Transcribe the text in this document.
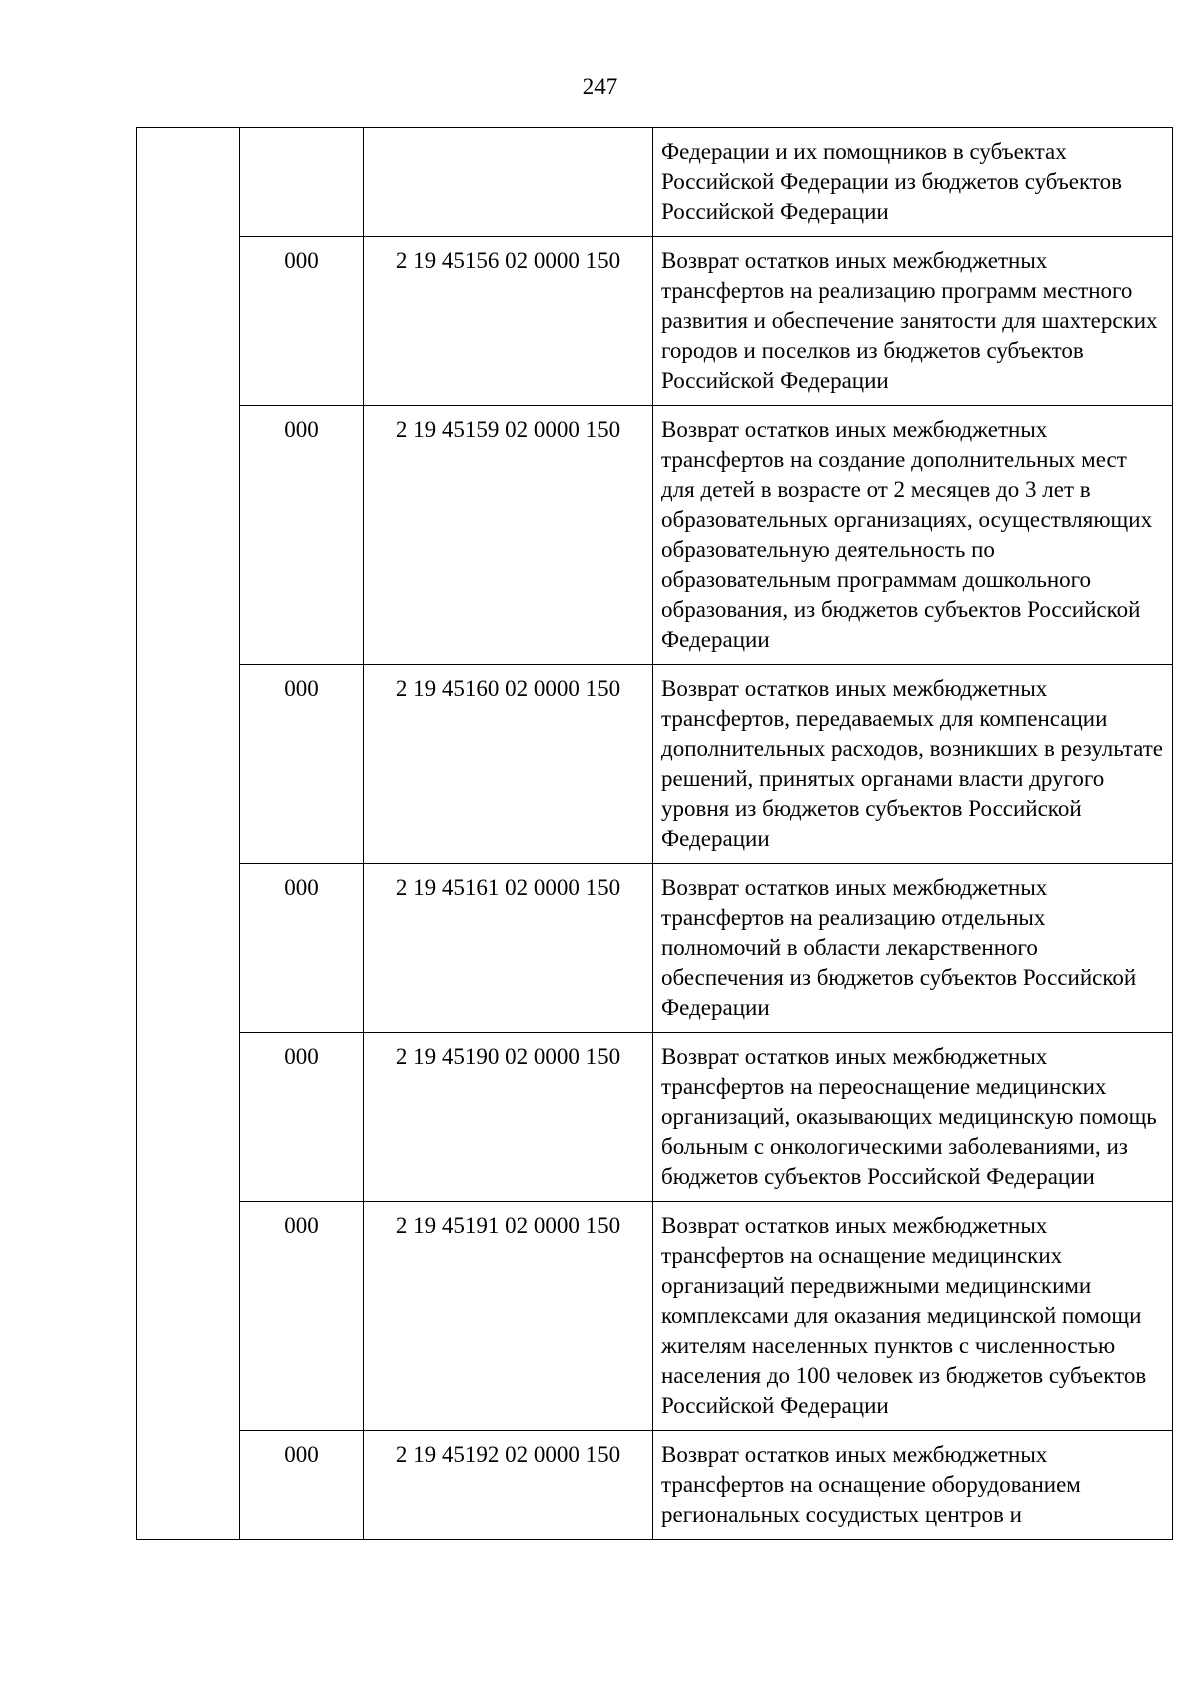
247
			Федерации и их помощников в субъектах Российской Федерации из бюджетов субъектов Российской Федерации
	000	2 19 45156 02 0000 150	Возврат остатков иных межбюджетных трансфертов на реализацию программ местного развития и обеспечение занятости для шахтерских городов и поселков из бюджетов субъектов Российской Федерации
	000	2 19 45159 02 0000 150	Возврат остатков иных межбюджетных трансфертов на создание дополнительных мест для детей в возрасте от 2 месяцев до 3 лет в образовательных организациях, осуществляющих образовательную деятельность по образовательным программам дошкольного образования, из бюджетов субъектов Российской Федерации
	000	2 19 45160 02 0000 150	Возврат остатков иных межбюджетных трансфертов, передаваемых для компенсации дополнительных расходов, возникших в результате решений, принятых органами власти другого уровня из бюджетов субъектов Российской Федерации
	000	2 19 45161 02 0000 150	Возврат остатков иных межбюджетных трансфертов на реализацию отдельных полномочий в области лекарственного обеспечения из бюджетов субъектов Российской Федерации
	000	2 19 45190 02 0000 150	Возврат остатков иных межбюджетных трансфертов на переоснащение медицинских организаций, оказывающих медицинскую помощь больным с онкологическими заболеваниями, из бюджетов субъектов Российской Федерации
	000	2 19 45191 02 0000 150	Возврат остатков иных межбюджетных трансфертов на оснащение медицинских организаций передвижными медицинскими комплексами для оказания медицинской помощи жителям населенных пунктов с численностью населения до 100 человек из бюджетов субъектов Российской Федерации
	000	2 19 45192 02 0000 150	Возврат остатков иных межбюджетных трансфертов на оснащение оборудованием региональных сосудистых центров и
